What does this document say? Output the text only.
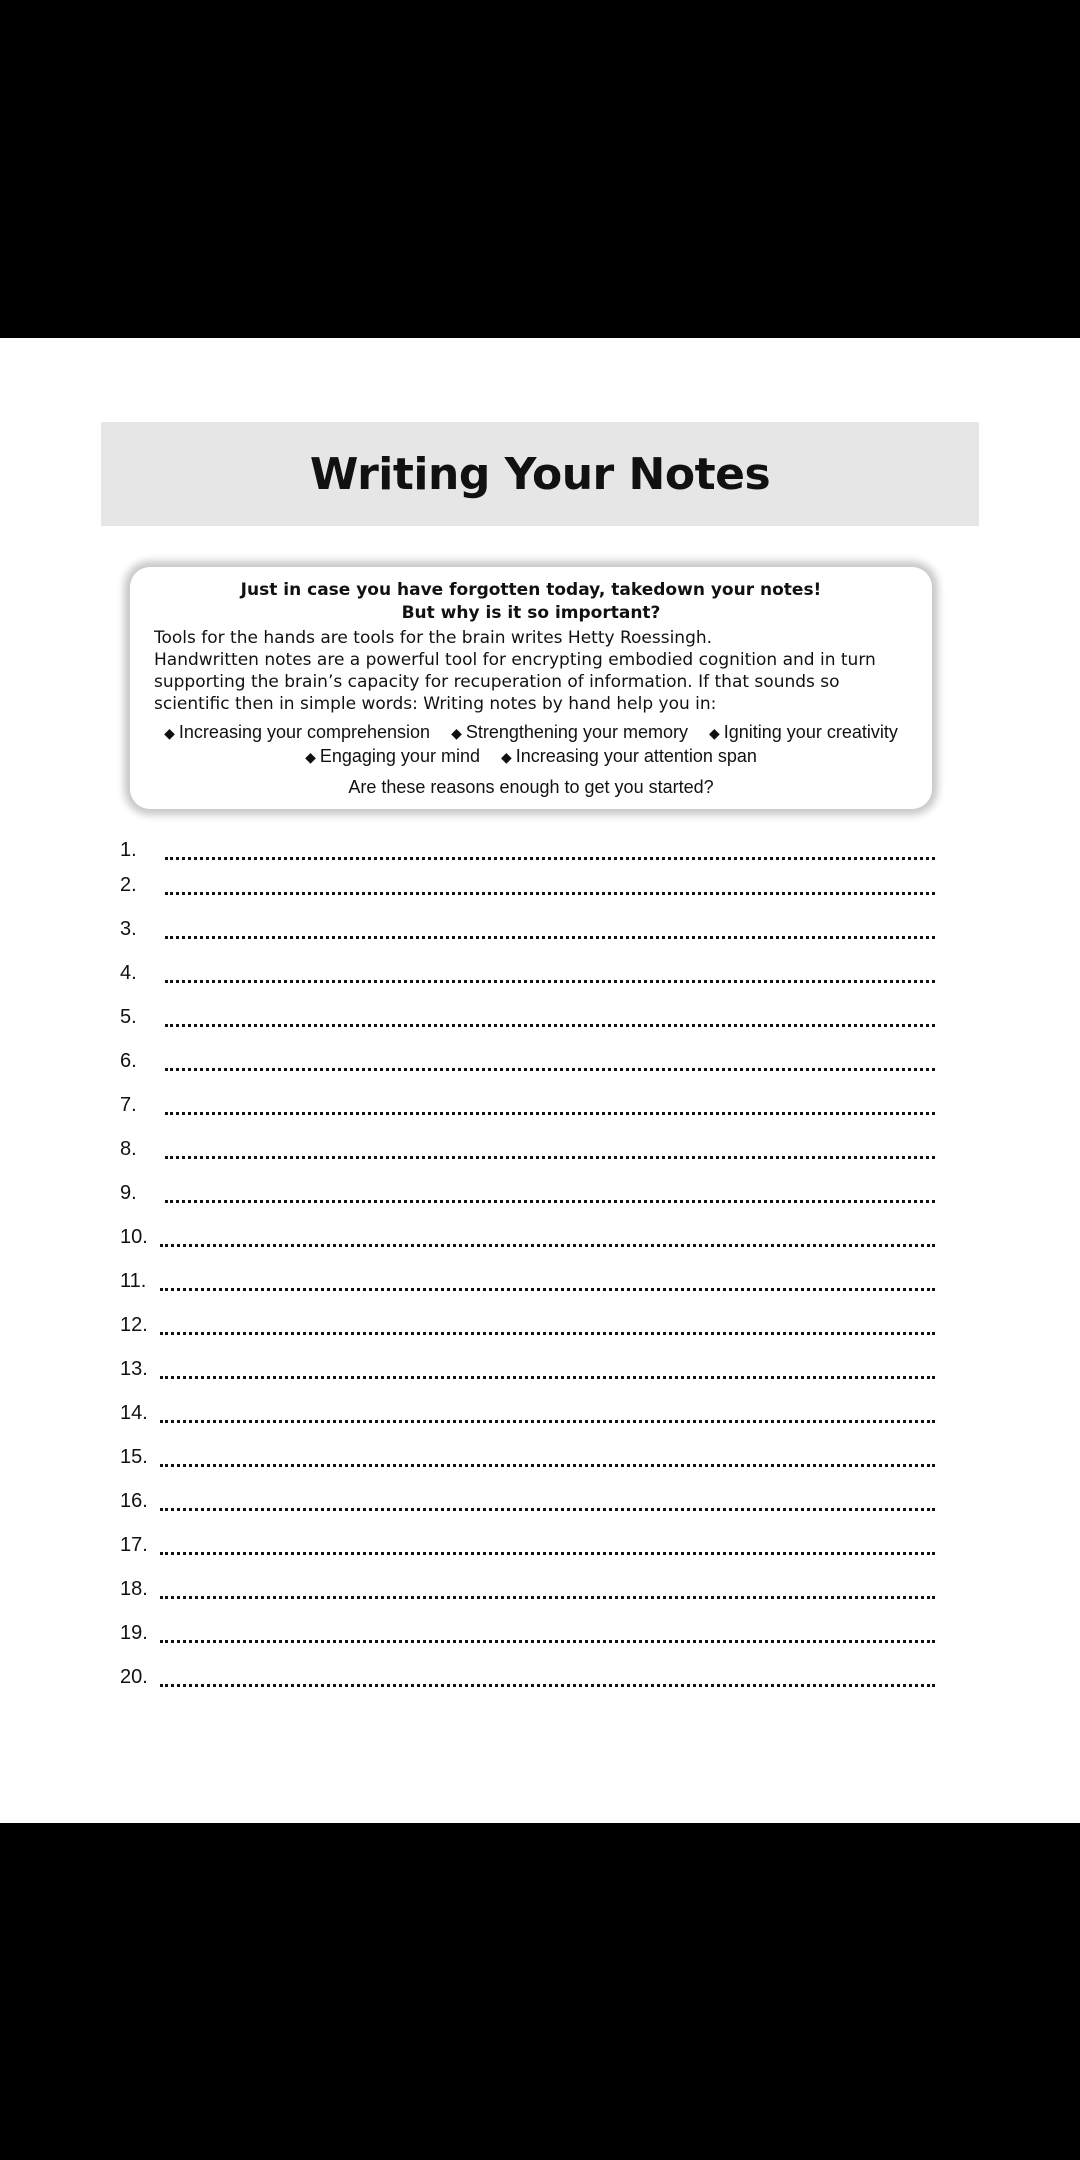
Writing Your Notes
Just in case you have forgotten today, takedown your notes!
But why is it so important?

Tools for the hands are tools for the brain writes Hetty Roessingh.

Handwritten notes are a powerful tool for encrypting embodied cognition and in turn supporting the brain’s capacity for recuperation of information. If that sounds so scientific then in simple words: Writing notes by hand help you in:

◆ Increasing your comprehension ◆ Strengthening your memory ◆ Igniting your creativity
◆ Engaging your mind ◆ Increasing your attention span
Are these reasons enough to get you started?
1.
2.
3.
4.
5.
6.
7.
8.
9.
10.
11.
12.
13.
14.
15.
16.
17.
18.
19.
20.
